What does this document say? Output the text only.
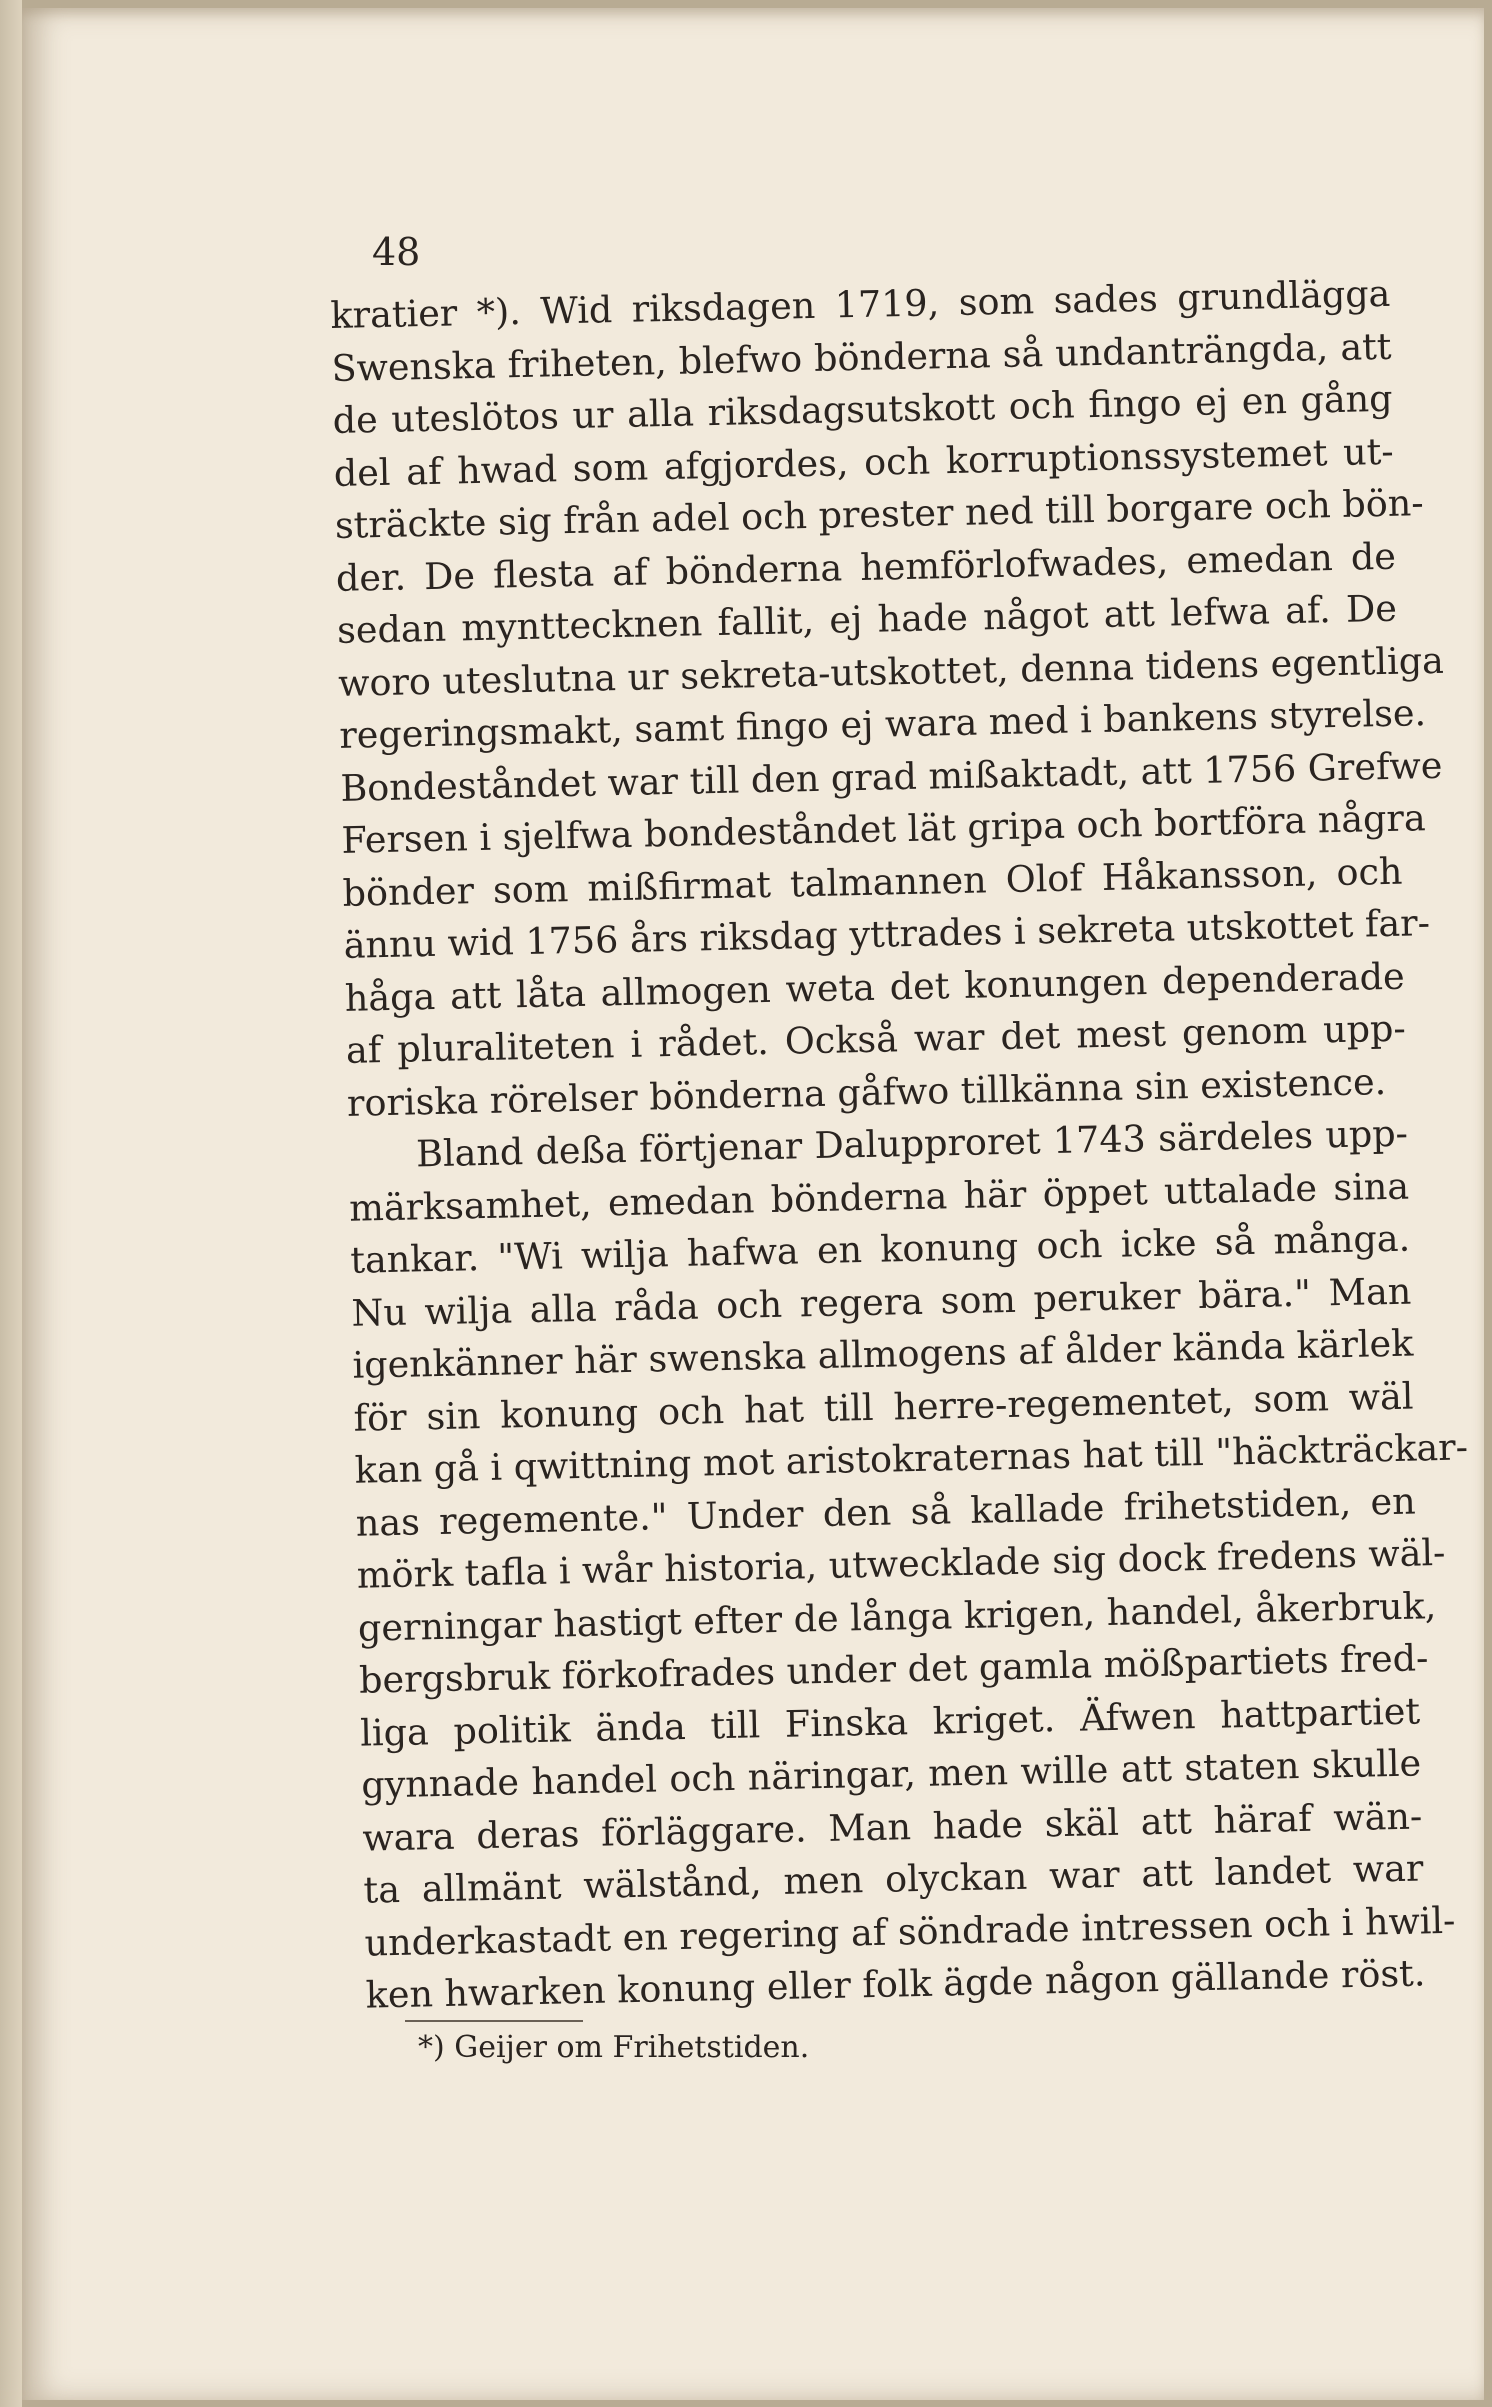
48
kratier *). Wid riksdagen 1719, som sades grundlägga
Swenska friheten, blefwo bönderna så undanträngda, att
de uteslötos ur alla riksdagsutskott och fingo ej en gång
del af hwad som afgjordes, och korruptionssystemet ut-
sträckte sig från adel och prester ned till borgare och bön-
der. De flesta af bönderna hemförlofwades, emedan de
sedan mynttecknen fallit, ej hade något att lefwa af. De
woro uteslutna ur sekreta-utskottet, denna tidens egentliga
regeringsmakt, samt fingo ej wara med i bankens styrelse.
Bondeståndet war till den grad mißaktadt, att 1756 Grefwe
Fersen i sjelfwa bondeståndet lät gripa och bortföra några
bönder som mißfirmat talmannen Olof Håkansson, och
ännu wid 1756 års riksdag yttrades i sekreta utskottet far-
håga att låta allmogen weta det konungen dependerade
af pluraliteten i rådet. Också war det mest genom upp-
roriska rörelser bönderna gåfwo tillkänna sin existence.
Bland deßa förtjenar Dalupproret 1743 särdeles upp-
märksamhet, emedan bönderna här öppet uttalade sina
tankar. "Wi wilja hafwa en konung och icke så många.
Nu wilja alla råda och regera som peruker bära." Man
igenkänner här swenska allmogens af ålder kända kärlek
för sin konung och hat till herre-regementet, som wäl
kan gå i qwittning mot aristokraternas hat till "häckträckar-
nas regemente." Under den så kallade frihetstiden, en
mörk tafla i wår historia, utwecklade sig dock fredens wäl-
gerningar hastigt efter de långa krigen, handel, åkerbruk,
bergsbruk förkofrades under det gamla mößpartiets fred-
liga politik ända till Finska kriget. Äfwen hattpartiet
gynnade handel och näringar, men wille att staten skulle
wara deras förläggare. Man hade skäl att häraf wän-
ta allmänt wälstånd, men olyckan war att landet war
underkastadt en regering af söndrade intressen och i hwil-
ken hwarken konung eller folk ägde någon gällande röst.
*) Geijer om Frihetstiden.
